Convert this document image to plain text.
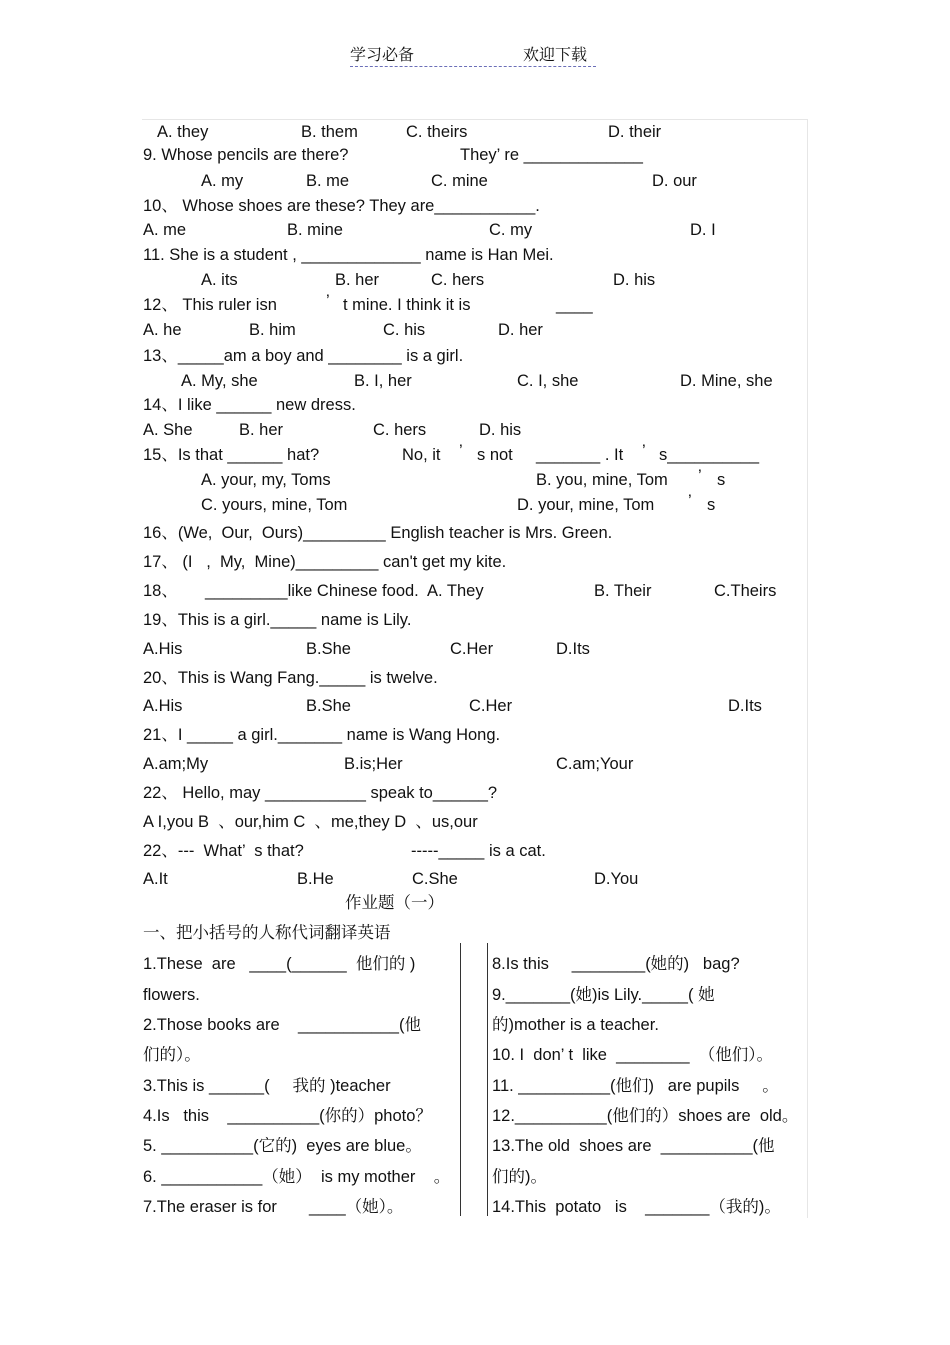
学习必备	欢迎下载
A. they	B. them	C. theirs	D. their
9. Whose pencils are there?	They’ re _____________
A. my	B. me	C. mine	D. our
10、 Whose shoes are these? They are___________.
A. me	B. mine	C. my	D. I
11. She is a student , _____________ name is Han Mei.
A. its	B. her	C. hers	D. his
12、 This ruler isn	’ t mine. I think it is	____
A. he	B. him	C. his	D. her
13、_____am a boy and ________ is a girl.
A. My, she	B. I, her	C. I, she	D. Mine, she
14、I like ______ new dress.
A. She	B. her	C. hers	D. his
15、Is that ______ hat?	No, it ’ s not _______ . It ’ s__________
A. your, my, Toms	B. you, mine, Tom ’ s
C. yours, mine, Tom	D. your, mine, Tom ’ s
16、(We,  Our,  Ours)_________ English teacher is Mrs. Green.
17、 (I   ,  My,  Mine)_________ can't get my kite.
18、 _________like Chinese food.  A. They	B. Their	C.Theirs
19、This is a girl._____ name is Lily.
A.His	B.She	C.Her	D.Its
20、This is Wang Fang._____ is twelve.
A.His	B.She	C.Her	D.Its
21、I _____ a girl._______ name is Wang Hong.
A.am;My	B.is;Her	C.am;Your
22、 Hello, may ___________ speak to______?
A I,you B  、our,him C  、me,they D  、us,our
22、---  What’  s that?	-----_____ is a cat.
A.It	B.He	C.She	D.You
作业题（一）
一、把小括号的人称代词翻译英语
1.These  are   ____(______  他们的 )
flowers.
2.Those books are    ___________(他
们的）。
3.This is ______(     我的 )teacher
4.Is   this    __________(你的）photo？
5. __________(它的)  eyes are blue。
6. ___________（她）  is my mother    。
7.The eraser is for       ____（她）。
8.Is this     ________(她的)   bag?
9._______(她)is Lily._____( 她
的)mother is a teacher.
10. I  don’ t  like  ________  （他们）。
11. __________(他们)   are pupils     。
12.__________(他们的）shoes are  old。
13.The old  shoes are  __________(他
们的)。
14.This  potato   is    _______（我的)。
